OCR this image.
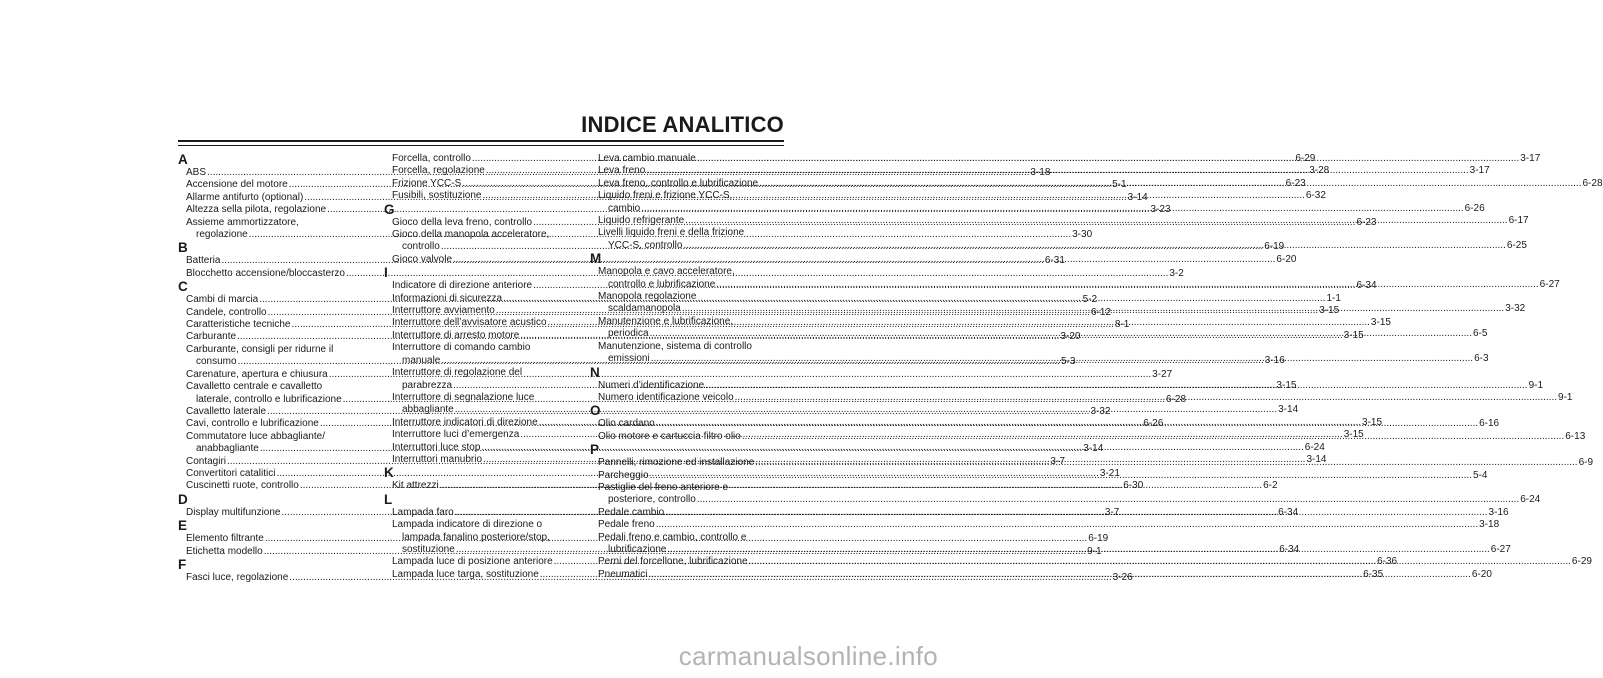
INDICE ANALITICO
A
ABS .....	3-18
Accensione del motore .....	5-1
Allarme antifurto (optional) .....	3-14
Altezza sella pilota, regolazione .....	3-23
Assieme ammortizzatore,
regolazione .....	3-30
B
Batteria .....	6-31
Blocchetto accensione/bloccasterzo .....	3-2
C
Cambi di marcia .....	5-2
Candele, controllo .....	6-12
Caratteristiche tecniche .....	8-1
Carburante .....	3-20
Carburante, consigli per ridurne il
consumo .....	5-3
Carenature, apertura e chiusura .....	3-27
Cavalletto centrale e cavalletto
laterale, controllo e lubrificazione .....	6-28
Cavalletto laterale .....	3-32
Cavi, controllo e lubrificazione .....	6-26
Commutatore luce abbagliante/
anabbagliante .....	3-14
Contagiri .....	3-7
Convertitori catalitici .....	3-21
Cuscinetti ruote, controllo .....	6-30
D
Display multifunzione .....	3-7
E
Elemento filtrante .....	6-19
Etichetta modello .....	9-1
F
Fasci luce, regolazione .....	3-26
Forcella, controllo .....	6-29
Forcella, regolazione .....	3-28
Frizione YCC-S .....	6-23
Fusibili, sostituzione .....	6-32
G
Gioco della leva freno, controllo .....	6-23
Gioco della manopola acceleratore,
controllo .....	6-19
Gioco valvole .....	6-20
I
Indicatore di direzione anteriore .....	6-34
Informazioni di sicurezza .....	1-1
Interruttore avviamento .....	3-15
Interruttore dell’avvisatore acustico .....	3-15
Interruttore di arresto motore .....	3-15
Interruttore di comando cambio
manuale .....	3-16
Interruttore di regolazione del
parabrezza .....	3-15
Interruttore di segnalazione luce
abbagliante .....	3-14
Interruttore indicatori di direzione .....	3-15
Interruttore luci d’emergenza .....	3-15
Interruttori luce stop .....	6-24
Interruttori manubrio .....	3-14
K
Kit attrezzi .....	6-2
L
Lampada faro .....	6-34
Lampada indicatore di direzione o
lampada fanalino posteriore/stop,
sostituzione .....	6-34
Lampada luce di posizione anteriore .....	6-36
Lampada luce targa, sostituzione .....	6-35
Leva cambio manuale .....	3-17
Leva freno .....	3-17
Leva freno, controllo e lubrificazione .....	6-28
Liquido freni e frizione YCC-S,
cambio .....	6-26
Liquido refrigerante .....	6-17
Livelli liquido freni e della frizione
YCC-S, controllo .....	6-25
M
Manopola e cavo acceleratore,
controllo e lubrificazione .....	6-27
Manopola regolazione
scaldamanopola .....	3-32
Manutenzione e lubrificazione,
periodica .....	6-5
Manutenzione, sistema di controllo
emissioni .....	6-3
N
Numeri d’identificazione .....	9-1
Numero identificazione veicolo .....	9-1
O
Olio cardano .....	6-16
Olio motore e cartuccia filtro olio .....	6-13
P
Pannelli, rimozione ed installazione .....	6-9
Parcheggio .....	5-4
Pastiglie del freno anteriore e
posteriore, controllo .....	6-24
Pedale cambio .....	3-16
Pedale freno .....	3-18
Pedali freno e cambio, controllo e
lubrificazione .....	6-27
Perni del forcellone, lubrificazione .....	6-29
Pneumatici .....	6-20
carmanualsonline.info
